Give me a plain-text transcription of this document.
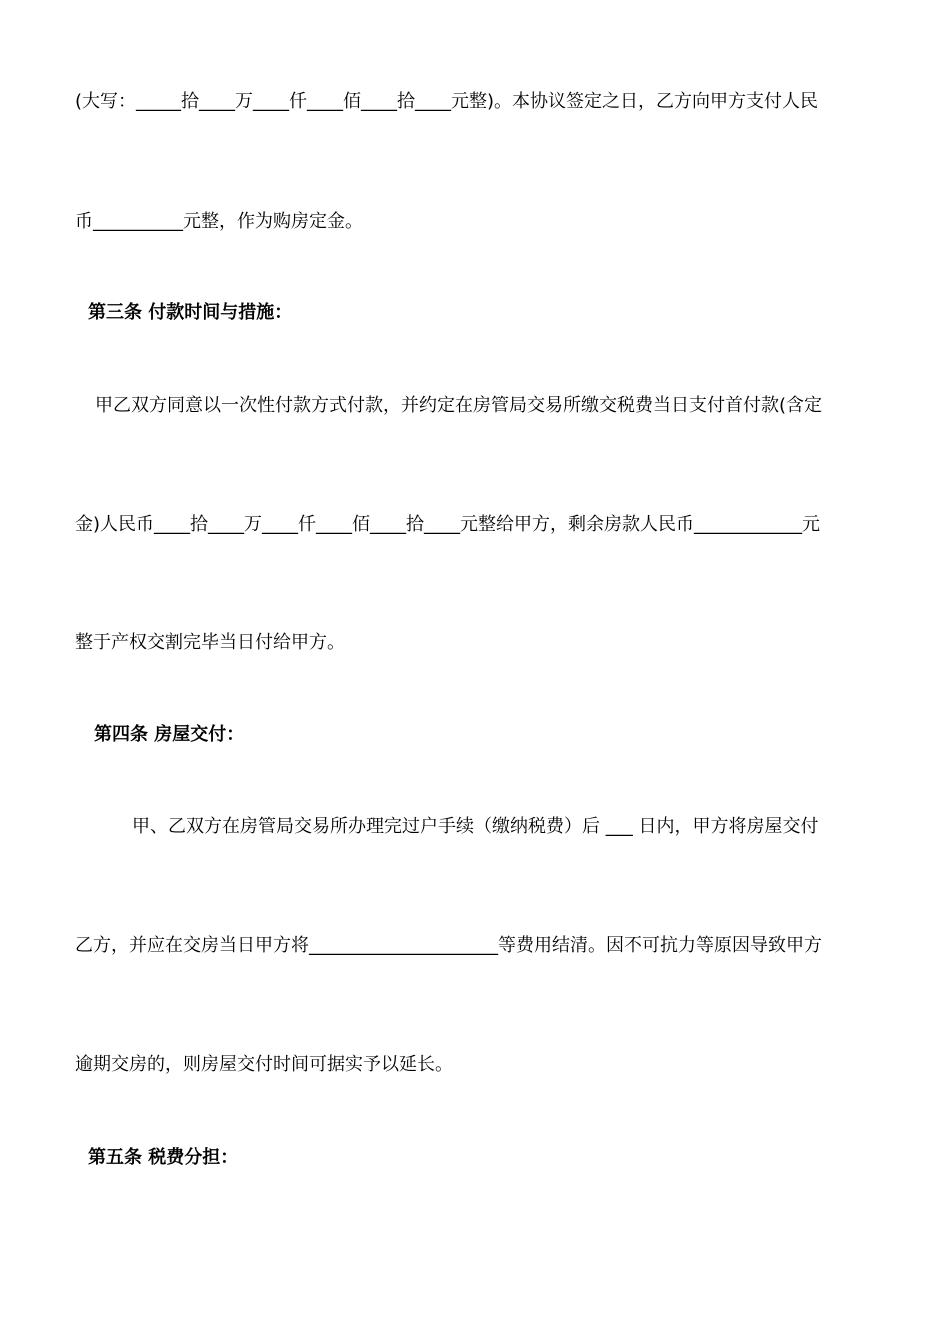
(大写：_____拾____万____仟____佰____拾____元整)。本协议签定之日，乙方向甲方支付人民
币__________元整，作为购房定金。
第三条 付款时间与措施：
甲乙双方同意以一次性付款方式付款，并约定在房管局交易所缴交税费当日支付首付款(含定
金)人民币____拾____万____仟____佰____拾____元整给甲方，剩余房款人民币____________元
整于产权交割完毕当日付给甲方。
第四条 房屋交付：
甲、乙双方在房管局交易所办理完过户手续（缴纳税费）后 ___ 日内，甲方将房屋交付
乙方，并应在交房当日甲方将_____________________等费用结清。因不可抗力等原因导致甲方
逾期交房的，则房屋交付时间可据实予以延长。
第五条 税费分担：
